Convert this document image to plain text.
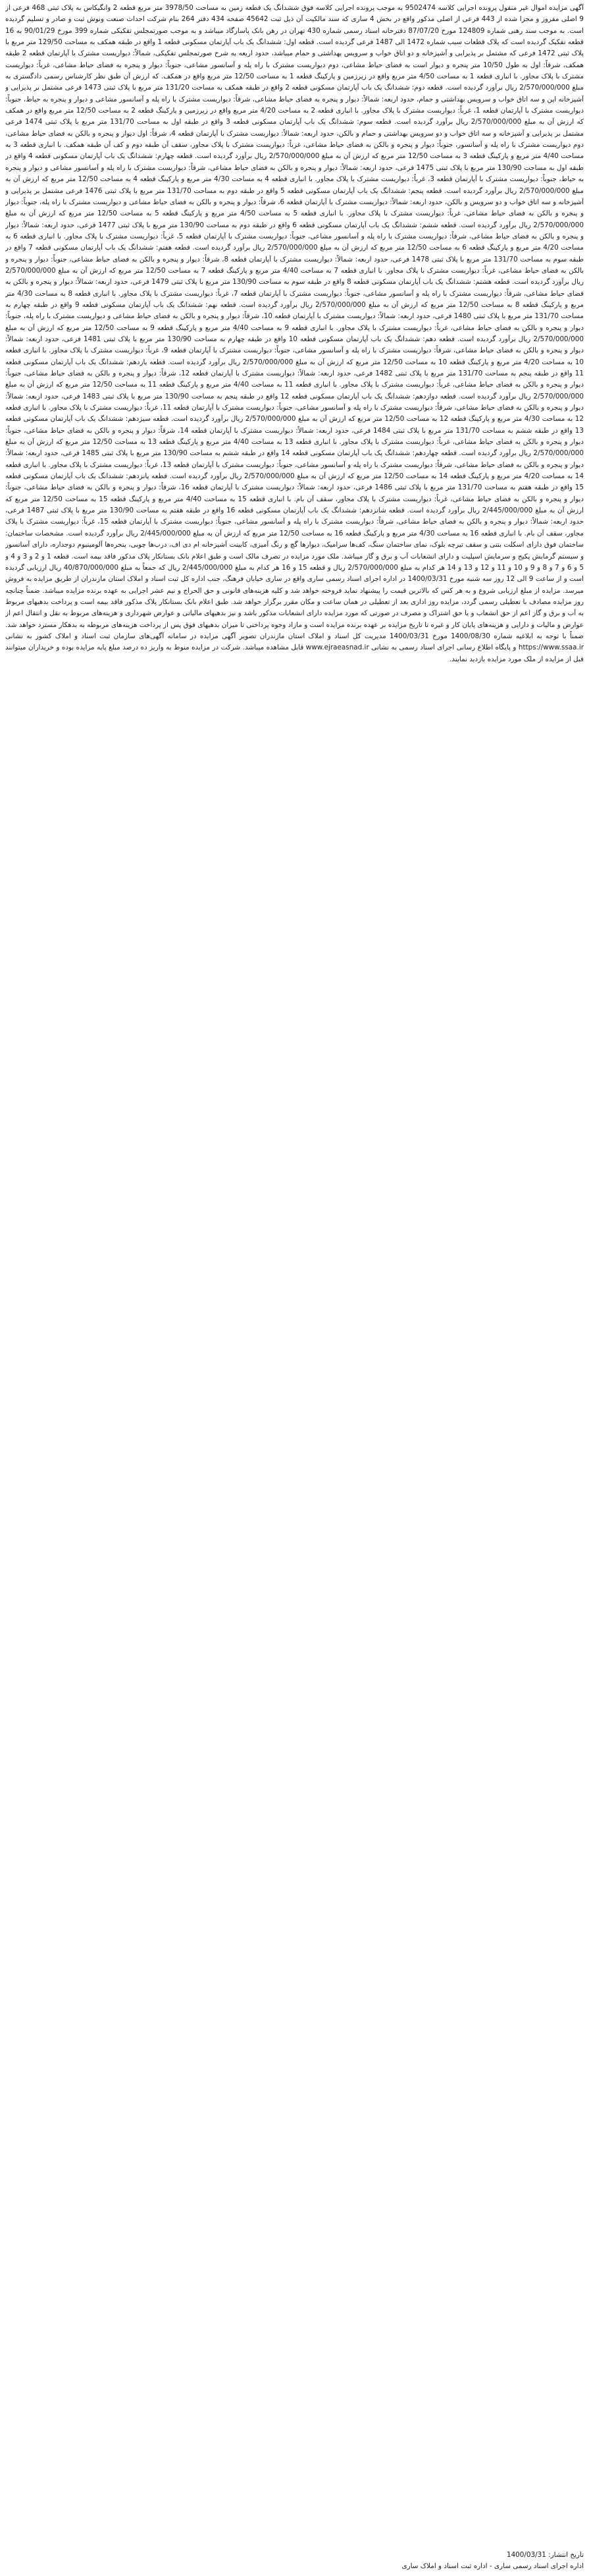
آگهی مزایده اموال غیر منقول پرونده اجرایی کلاسه 9502474 به موجب پرونده اجرایی کلاسه فوق ششدانگ یک قطعه زمین به مساحت 3978/50 متر مربع قطعه 2 وانگیکاس به پلاک ثبتی 468 فرعی از 9 اصلی مفروز و مجزا شده از 443 فرعی از اصلی مذکور واقع در بخش 4 ساری که سند مالکیت آن ذیل ثبت 45642 صفحه 434 دفتر 264 بنام شرکت احداث صنعت ونوش ثبت و صادر و تسلیم گردیده است. به موجب سند رهنی شماره 124809 مورخ 87/07/20 دفترخانه اسناد رسمی شماره 430 تهران در رهن بانک پاسارگاد میباشد و به موجب صورتمجلس تفکیکی شماره 399 مورخ 90/01/29 به 16 قطعه تفکیک گردیده است که پلاک قطعات سبب شماره 1472 الی 1487 فرعی گردیده است.

قطعه اول: ششدانگ یک باب آپارتمان مسکونی قطعه 1 واقع در طبقه همکف به مساحت 129/50 متر مربع با پلاک ثبتی 1472 فرعی که مشتمل بر پذیرایی و آشپزخانه و دو اتاق خواب و سرویس بهداشتی و حمام میباشد، حدود اربعه به شرح صورتمجلس تفکیکی، شمالاً: دیواریست مشترک با آپارتمان قطعه 2 طبقه همکف، شرقاً: اول به طول 10/50 متر پنجره و دیوار است به فضای حیاط مشاعی، دوم دیواریست مشترک با راه پله و آسانسور مشاعی، جنوباً: دیوار و پنجره به فضای حیاط مشاعی، غرباً: دیواریست مشترک با پلاک مجاور. با انباری قطعه 1 به مساحت 4/50 متر مربع واقع در زیرزمین و پارکینگ قطعه 1 به مساحت 12/50 متر مربع واقع در همکف. که ارزش آن طبق نظر کارشناس رسمی دادگستری به مبلغ 2/570/000/000 ریال برآورد گردیده است.

قطعه دوم: ششدانگ یک باب آپارتمان مسکونی قطعه 2 واقع در طبقه همکف به مساحت 131/20 متر مربع با پلاک ثبتی 1473 فرعی مشتمل بر پذیرایی و آشپزخانه اپن و سه اتاق خواب و سرویس بهداشتی و حمام، حدود اربعه: شمالاً: دیوار و پنجره به فضای حیاط مشاعی، شرقاً: دیواریست مشترک با راه پله و آسانسور مشاعی و دیوار و پنجره به حیاط، جنوباً: دیواریست مشترک با آپارتمان قطعه 1، غرباً: دیواریست مشترک با پلاک مجاور. با انباری قطعه 2 به مساحت 4/20 متر مربع واقع در زیرزمین و پارکینگ قطعه 2 به مساحت 12/50 متر مربع واقع در همکف که ارزش آن به مبلغ 2/570/000/000 ریال برآورد گردیده است.

قطعه سوم: ششدانگ یک باب آپارتمان مسکونی قطعه 3 واقع در طبقه اول به مساحت 131/70 متر مربع با پلاک ثبتی 1474 فرعی مشتمل بر پذیرایی و آشپزخانه و سه اتاق خواب و دو سرویس بهداشتی و حمام و بالکن، حدود اربعه: شمالاً: دیواریست مشترک با آپارتمان قطعه 4، شرقاً: اول دیوار و پنجره و بالکن به فضای حیاط مشاعی، دوم دیواریست مشترک با راه پله و آسانسور، جنوباً: دیوار و پنجره و بالکن به فضای حیاط مشاعی، غرباً: دیواریست مشترک با پلاک مجاور، سقف آن طبقه دوم و کف آن طبقه همکف. با انباری قطعه 3 به مساحت 4/40 متر مربع و پارکینگ قطعه 3 به مساحت 12/50 متر مربع که ارزش آن به مبلغ 2/570/000/000 ریال برآورد گردیده است.

قطعه چهارم: ششدانگ یک باب آپارتمان مسکونی قطعه 4 واقع در طبقه اول به مساحت 130/90 متر مربع با پلاک ثبتی 1475 فرعی، حدود اربعه: شمالاً: دیوار و پنجره و بالکن به فضای حیاط مشاعی، شرقاً: دیواریست مشترک با راه پله و آسانسور مشاعی و دیوار و پنجره به حیاط، جنوباً: دیواریست مشترک با آپارتمان قطعه 3، غرباً: دیواریست مشترک با پلاک مجاور. با انباری قطعه 4 به مساحت 4/30 متر مربع و پارکینگ قطعه 4 به مساحت 12/50 متر مربع که ارزش آن به مبلغ 2/570/000/000 ریال برآورد گردیده است.

قطعه پنجم: ششدانگ یک باب آپارتمان مسکونی قطعه 5 واقع در طبقه دوم به مساحت 131/70 متر مربع با پلاک ثبتی 1476 فرعی مشتمل بر پذیرایی و آشپزخانه و سه اتاق خواب و دو سرویس و بالکن، حدود اربعه: شمالاً: دیواریست مشترک با آپارتمان قطعه 6، شرقاً: دیوار و پنجره و بالکن به فضای حیاط مشاعی و دیواریست مشترک با راه پله، جنوباً: دیوار و پنجره و بالکن به فضای حیاط مشاعی، غرباً: دیواریست مشترک با پلاک مجاور. با انباری قطعه 5 به مساحت 4/50 متر مربع و پارکینگ قطعه 5 به مساحت 12/50 متر مربع که ارزش آن به مبلغ 2/570/000/000 ریال برآورد گردیده است.

قطعه ششم: ششدانگ یک باب آپارتمان مسکونی قطعه 6 واقع در طبقه دوم به مساحت 130/90 متر مربع با پلاک ثبتی 1477 فرعی، حدود اربعه: شمالاً: دیوار و پنجره و بالکن به فضای حیاط مشاعی، شرقاً: دیواریست مشترک با راه پله و آسانسور مشاعی، جنوباً: دیواریست مشترک با آپارتمان قطعه 5، غرباً: دیواریست مشترک با پلاک مجاور. با انباری قطعه 6 به مساحت 4/20 متر مربع و پارکینگ قطعه 6 به مساحت 12/50 متر مربع که ارزش آن به مبلغ 2/570/000/000 ریال برآورد گردیده است.

قطعه هفتم: ششدانگ یک باب آپارتمان مسکونی قطعه 7 واقع در طبقه سوم به مساحت 131/70 متر مربع با پلاک ثبتی 1478 فرعی، حدود اربعه: شمالاً: دیواریست مشترک با آپارتمان قطعه 8، شرقاً: دیوار و پنجره و بالکن به فضای حیاط مشاعی، جنوباً: دیوار و پنجره و بالکن به فضای حیاط مشاعی، غرباً: دیواریست مشترک با پلاک مجاور. با انباری قطعه 7 به مساحت 4/40 متر مربع و پارکینگ قطعه 7 به مساحت 12/50 متر مربع که ارزش آن به مبلغ 2/570/000/000 ریال برآورد گردیده است.

قطعه هشتم: ششدانگ یک باب آپارتمان مسکونی قطعه 8 واقع در طبقه سوم به مساحت 130/90 متر مربع با پلاک ثبتی 1479 فرعی، حدود اربعه: شمالاً: دیوار و پنجره و بالکن به فضای حیاط مشاعی، شرقاً: دیواریست مشترک با راه پله و آسانسور مشاعی، جنوباً: دیواریست مشترک با آپارتمان قطعه 7، غرباً: دیواریست مشترک با پلاک مجاور. با انباری قطعه 8 به مساحت 4/30 متر مربع و پارکینگ قطعه 8 به مساحت 12/50 متر مربع که ارزش آن به مبلغ 2/570/000/000 ریال برآورد گردیده است.

قطعه نهم: ششدانگ یک باب آپارتمان مسکونی قطعه 9 واقع در طبقه چهارم به مساحت 131/70 متر مربع با پلاک ثبتی 1480 فرعی، حدود اربعه: شمالاً: دیواریست مشترک با آپارتمان قطعه 10، شرقاً: دیوار و پنجره و بالکن به فضای حیاط مشاعی و دیواریست مشترک با راه پله، جنوباً: دیوار و پنجره و بالکن به فضای حیاط مشاعی، غرباً: دیواریست مشترک با پلاک مجاور. با انباری قطعه 9 به مساحت 4/40 متر مربع و پارکینگ قطعه 9 به مساحت 12/50 متر مربع که ارزش آن به مبلغ 2/570/000/000 ریال برآورد گردیده است.

قطعه دهم: ششدانگ یک باب آپارتمان مسکونی قطعه 10 واقع در طبقه چهارم به مساحت 130/90 متر مربع با پلاک ثبتی 1481 فرعی، حدود اربعه: شمالاً: دیوار و پنجره و بالکن به فضای حیاط مشاعی، شرقاً: دیواریست مشترک با راه پله و آسانسور مشاعی، جنوباً: دیواریست مشترک با آپارتمان قطعه 9، غرباً: دیواریست مشترک با پلاک مجاور. با انباری قطعه 10 به مساحت 4/20 متر مربع و پارکینگ قطعه 10 به مساحت 12/50 متر مربع که ارزش آن به مبلغ 2/570/000/000 ریال برآورد گردیده است.

قطعه یازدهم: ششدانگ یک باب آپارتمان مسکونی قطعه 11 واقع در طبقه پنجم به مساحت 131/70 متر مربع با پلاک ثبتی 1482 فرعی، حدود اربعه: شمالاً: دیواریست مشترک با آپارتمان قطعه 12، شرقاً: دیوار و پنجره و بالکن به فضای حیاط مشاعی، جنوباً: دیوار و پنجره و بالکن به فضای حیاط مشاعی، غرباً: دیواریست مشترک با پلاک مجاور. با انباری قطعه 11 به مساحت 4/40 متر مربع و پارکینگ قطعه 11 به مساحت 12/50 متر مربع که ارزش آن به مبلغ 2/570/000/000 ریال برآورد گردیده است.

قطعه دوازدهم: ششدانگ یک باب آپارتمان مسکونی قطعه 12 واقع در طبقه پنجم به مساحت 130/90 متر مربع با پلاک ثبتی 1483 فرعی، حدود اربعه: شمالاً: دیوار و پنجره و بالکن به فضای حیاط مشاعی، شرقاً: دیواریست مشترک با راه پله و آسانسور مشاعی، جنوباً: دیواریست مشترک با آپارتمان قطعه 11، غرباً: دیواریست مشترک با پلاک مجاور. با انباری قطعه 12 به مساحت 4/30 متر مربع و پارکینگ قطعه 12 به مساحت 12/50 متر مربع که ارزش آن به مبلغ 2/570/000/000 ریال برآورد گردیده است.

قطعه سیزدهم: ششدانگ یک باب آپارتمان مسکونی قطعه 13 واقع در طبقه ششم به مساحت 131/70 متر مربع با پلاک ثبتی 1484 فرعی، حدود اربعه: شمالاً: دیواریست مشترک با آپارتمان قطعه 14، شرقاً: دیوار و پنجره و بالکن به فضای حیاط مشاعی، جنوباً: دیوار و پنجره و بالکن به فضای حیاط مشاعی، غرباً: دیواریست مشترک با پلاک مجاور. با انباری قطعه 13 به مساحت 4/40 متر مربع و پارکینگ قطعه 13 به مساحت 12/50 متر مربع که ارزش آن به مبلغ 2/570/000/000 ریال برآورد گردیده است.

قطعه چهاردهم: ششدانگ یک باب آپارتمان مسکونی قطعه 14 واقع در طبقه ششم به مساحت 130/90 متر مربع با پلاک ثبتی 1485 فرعی، حدود اربعه: شمالاً: دیوار و پنجره و بالکن به فضای حیاط مشاعی، شرقاً: دیواریست مشترک با راه پله و آسانسور مشاعی، جنوباً: دیواریست مشترک با آپارتمان قطعه 13، غرباً: دیواریست مشترک با پلاک مجاور. با انباری قطعه 14 به مساحت 4/20 متر مربع و پارکینگ قطعه 14 به مساحت 12/50 متر مربع که ارزش آن به مبلغ 2/570/000/000 ریال برآورد گردیده است.

قطعه پانزدهم: ششدانگ یک باب آپارتمان مسکونی قطعه 15 واقع در طبقه هفتم به مساحت 131/70 متر مربع با پلاک ثبتی 1486 فرعی، حدود اربعه: شمالاً: دیواریست مشترک با آپارتمان قطعه 16، شرقاً: دیوار و پنجره و بالکن به فضای حیاط مشاعی، جنوباً: دیوار و پنجره و بالکن به فضای حیاط مشاعی، غرباً: دیواریست مشترک با پلاک مجاور، سقف آن بام. با انباری قطعه 15 به مساحت 4/40 متر مربع و پارکینگ قطعه 15 به مساحت 12/50 متر مربع که ارزش آن به مبلغ 2/445/000/000 ریال برآورد گردیده است.

قطعه شانزدهم: ششدانگ یک باب آپارتمان مسکونی قطعه 16 واقع در طبقه هفتم به مساحت 130/90 متر مربع با پلاک ثبتی 1487 فرعی، حدود اربعه: شمالاً: دیوار و پنجره و بالکن به فضای حیاط مشاعی، شرقاً: دیواریست مشترک با راه پله و آسانسور مشاعی، جنوباً: دیواریست مشترک با آپارتمان قطعه 15، غرباً: دیواریست مشترک با پلاک مجاور، سقف آن بام. با انباری قطعه 16 به مساحت 4/30 متر مربع و پارکینگ قطعه 16 به مساحت 12/50 متر مربع که ارزش آن به مبلغ 2/445/000/000 ریال برآورد گردیده است.

مشخصات ساختمان: ساختمان فوق دارای اسکلت بتنی و سقف تیرچه بلوک، نمای ساختمان سنگ، کف‌ها سرامیک، دیوارها گچ و رنگ آمیزی، کابینت آشپزخانه ام دی اف، درب‌ها چوبی، پنجره‌ها آلومینیوم دوجداره، دارای آسانسور و سیستم گرمایش پکیج و سرمایش اسپلیت و دارای انشعابات آب و برق و گاز میباشد. ملک مورد مزایده در تصرف مالک است و طبق اعلام بانک بستانکار پلاک مذکور فاقد بیمه است.

قطعه 1 و 2 و 3 و 4 و 5 و 6 و 7 و 8 و 9 و 10 و 11 و 12 و 13 و 14 هر کدام به مبلغ 2/570/000/000 ریال و قطعه 15 و 16 هر کدام به مبلغ 2/445/000/000 ریال که جمعاً به مبلغ 40/870/000/000 ریال ارزیابی گردیده است و از ساعت 9 الی 12 روز سه شنبه مورخ 1400/03/31 در اداره اجرای اسناد رسمی ساری واقع در ساری خیابان فرهنگ، جنب اداره کل ثبت اسناد و املاک استان مازندران از طریق مزایده به فروش میرسد.

مزایده از مبلغ ارزیابی شروع و به هر کس که بالاترین قیمت را پیشنهاد نماید فروخته خواهد شد و کلیه هزینه‌های قانونی و حق الحراج و نیم عشر اجرایی به عهده برنده مزایده میباشد. ضمناً چنانچه روز مزایده مصادف با تعطیلی رسمی گردد، مزایده روز اداری بعد از تعطیلی در همان ساعت و مکان مقرر برگزار خواهد شد. طبق اعلام بانک بستانکار پلاک مذکور فاقد بیمه است و پرداخت بدهیهای مربوط به آب و برق و گاز اعم از حق انشعاب و یا حق اشتراک و مصرف در صورتی که مورد مزایده دارای انشعابات مذکور باشد و نیز بدهیهای مالیاتی و عوارض شهرداری و هزینه‌های مربوط به نقل و انتقال اعم از عوارض و مالیات و دارایی و هزینه‌های پایان کار و غیره تا تاریخ مزایده بر عهده برنده مزایده است و مازاد وجوه پرداختی تا میزان بدهیهای فوق پس از پرداخت هزینه‌های مربوطه به بدهکار مسترد خواهد شد.

ضمناً با توجه به ابلاغیه شماره 1400/08/30 مورخ 1400/03/31 مدیریت کل اسناد و املاک استان مازندران تصویر آگهی مزایده در سامانه آگهی‌های سازمان ثبت اسناد و املاک کشور به نشانی https://www.ssaa.ir و پایگاه اطلاع رسانی اجرای اسناد رسمی به نشانی www.ejraeasnad.ir قابل مشاهده میباشد. شرکت در مزایده منوط به واریز ده درصد مبلغ پایه مزایده بوده و خریداران میتوانند قبل از مزایده از ملک مورد مزایده بازدید نمایند.

تاریخ انتشار: 1400/03/31
اداره اجرای اسناد رسمی ساری - اداره ثبت اسناد و املاک ساری
